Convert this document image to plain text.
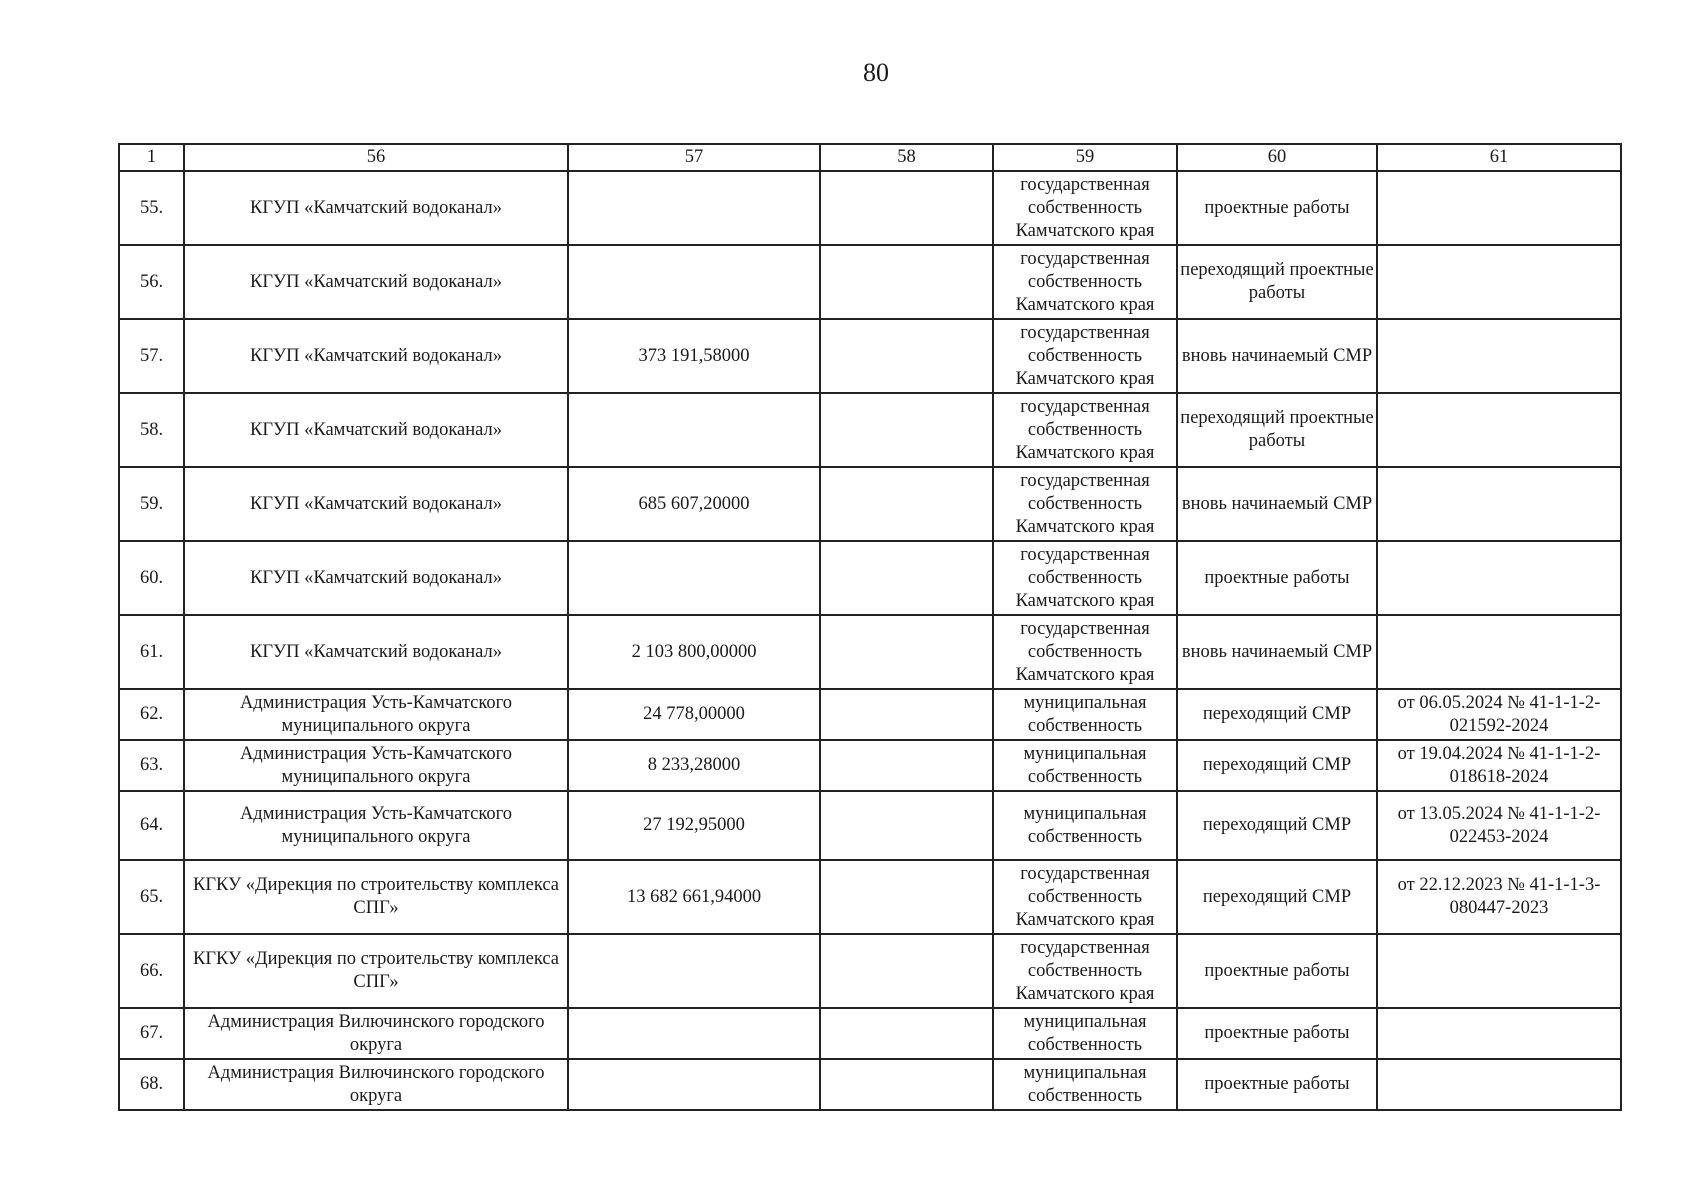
80
1	56	57	58	59	60	61
55.	КГУП «Камчатский водоканал»			государственная собственность Камчатского края	проектные работы	
56.	КГУП «Камчатский водоканал»			государственная собственность Камчатского края	переходящий проектные работы	
57.	КГУП «Камчатский водоканал»	373 191,58000		государственная собственность Камчатского края	вновь начинаемый СМР	
58.	КГУП «Камчатский водоканал»			государственная собственность Камчатского края	переходящий проектные работы	
59.	КГУП «Камчатский водоканал»	685 607,20000		государственная собственность Камчатского края	вновь начинаемый СМР	
60.	КГУП «Камчатский водоканал»			государственная собственность Камчатского края	проектные работы	
61.	КГУП «Камчатский водоканал»	2 103 800,00000		государственная собственность Камчатского края	вновь начинаемый СМР	
62.	Администрация Усть-Камчатского муниципального округа	24 778,00000		муниципальная собственность	переходящий СМР	от 06.05.2024 № 41-1-1-2-021592-2024
63.	Администрация Усть-Камчатского муниципального округа	8 233,28000		муниципальная собственность	переходящий СМР	от 19.04.2024 № 41-1-1-2-018618-2024
64.	Администрация Усть-Камчатского муниципального округа	27 192,95000		муниципальная собственность	переходящий СМР	от 13.05.2024 № 41-1-1-2-022453-2024
65.	КГКУ «Дирекция по строительству комплекса СПГ»	13 682 661,94000		государственная собственность Камчатского края	переходящий СМР	от 22.12.2023 № 41-1-1-3-080447-2023
66.	КГКУ «Дирекция по строительству комплекса СПГ»			государственная собственность Камчатского края	проектные работы	
67.	Администрация Вилючинского городского округа			муниципальная собственность	проектные работы	
68.	Администрация Вилючинского городского округа			муниципальная собственность	проектные работы	
